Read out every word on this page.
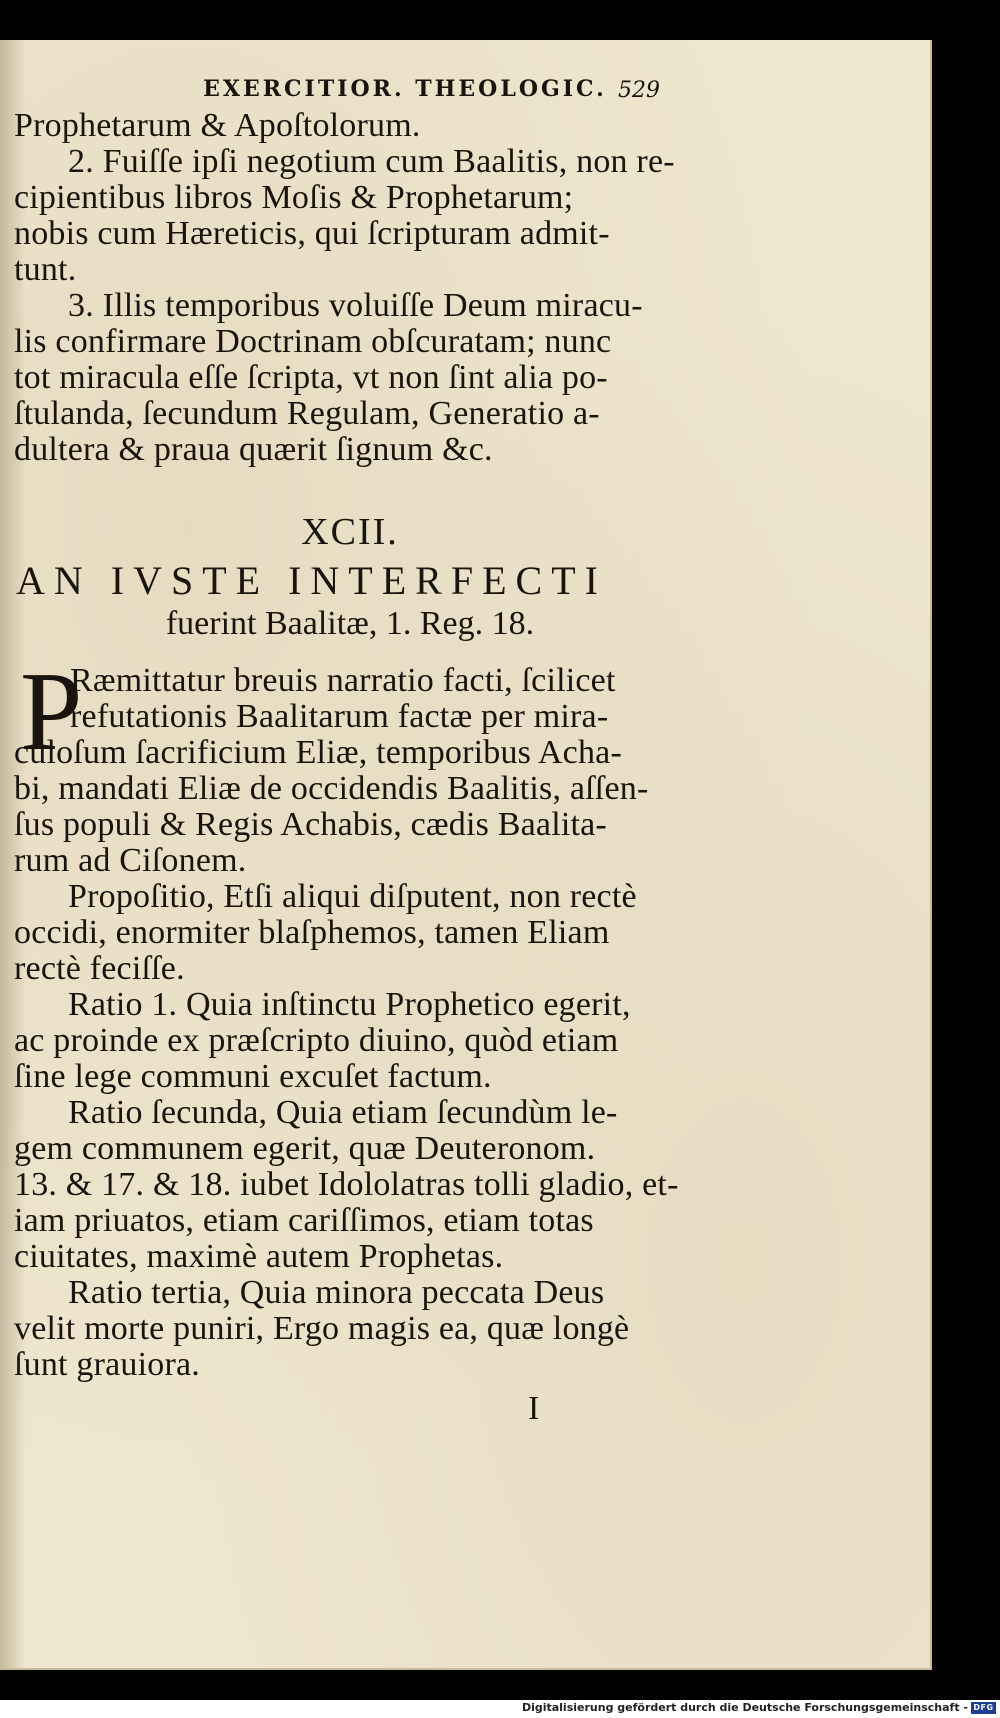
EXERCITIOR. THEOLOGIC. 529
Prophetarum & Apoſtolorum.
2. Fuiſſe ipſi negotium cum Baalitis, non re-
cipientibus libros Moſis & Prophetarum;
nobis cum Hæreticis, qui ſcripturam admit-
tunt.
3. Illis temporibus voluiſſe Deum miracu-
lis confirmare Doctrinam obſcuratam; nunc
tot miracula eſſe ſcripta, vt non ſint alia po-
ſtulanda, ſecundum Regulam, Generatio a-
dultera & praua quærit ſignum &c.
XCII.
AN IVSTE INTERFECTI
fuerint Baalitæ, 1. Reg. 18.
P
Ræmittatur breuis narratio facti, ſcilicet
refutationis Baalitarum factæ per mira-
culoſum ſacrificium Eliæ, temporibus Acha-
bi, mandati Eliæ de occidendis Baalitis, aſſen-
ſus populi & Regis Achabis, cædis Baalita-
rum ad Ciſonem.
Propoſitio, Etſi aliqui diſputent, non rectè
occidi, enormiter blaſphemos, tamen Eliam
rectè feciſſe.
Ratio 1. Quia inſtinctu Prophetico egerit,
ac proinde ex præſcripto diuino, quòd etiam
ſine lege communi excuſet factum.
Ratio ſecunda, Quia etiam ſecundùm le-
gem communem egerit, quæ Deuteronom.
13. & 17. & 18. iubet Idololatras tolli gladio, et-
iam priuatos, etiam cariſſimos, etiam totas
ciuitates, maximè autem Prophetas.
Ratio tertia, Quia minora peccata Deus
velit morte puniri, Ergo magis ea, quæ longè
ſunt grauiora.
I
Digitalisierung gefördert durch die Deutsche Forschungsgemeinschaft - DFG
